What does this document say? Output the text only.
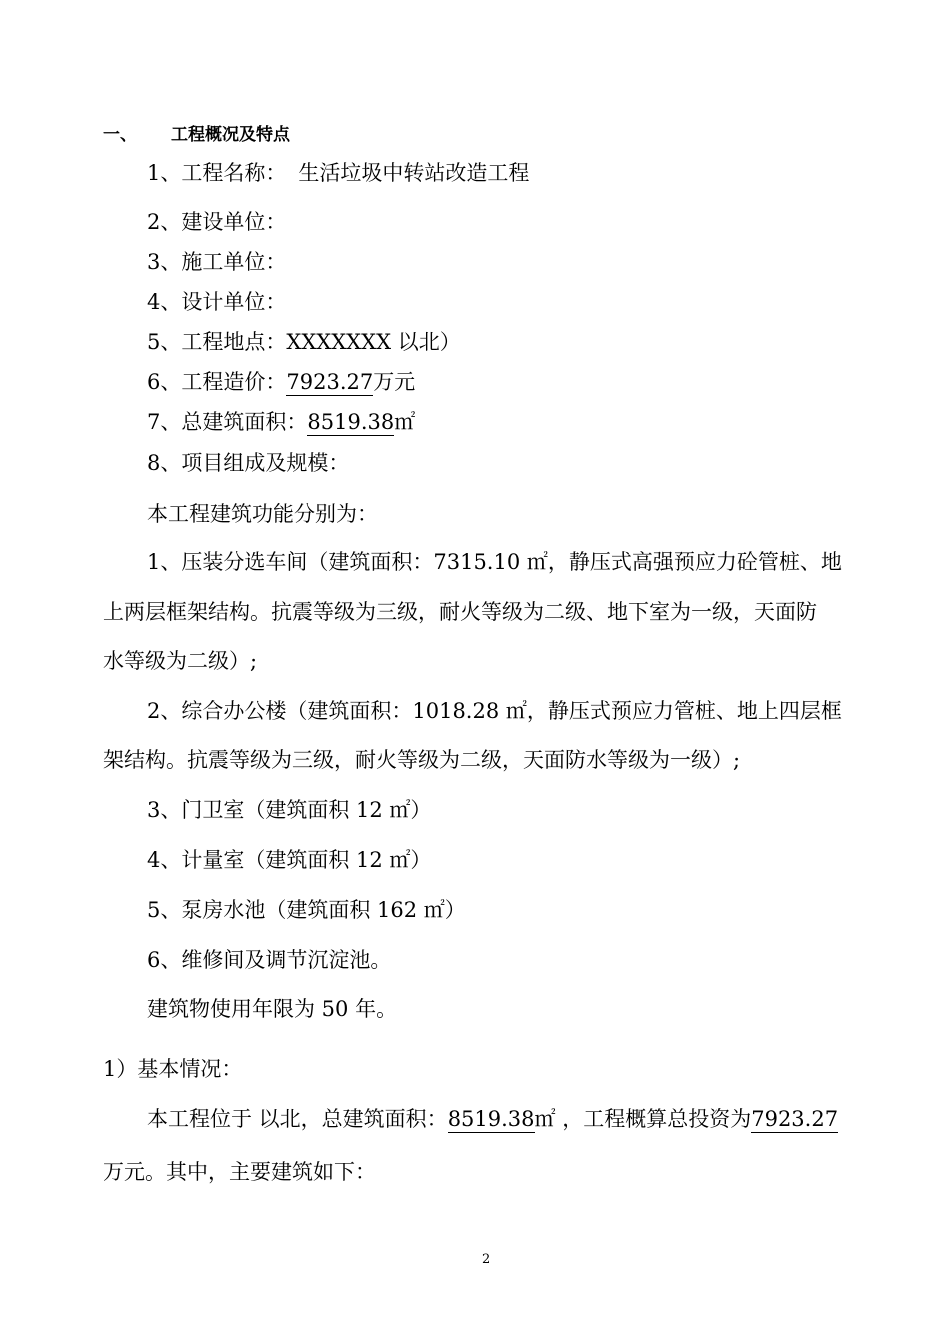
一、 工程概况及特点
1、工程名称： 生活垃圾中转站改造工程
2、建设单位：
3、施工单位：
4、设计单位：
5、工程地点：XXXXXXX 以北）
6、工程造价：7923.27万元
7、总建筑面积：8519.38㎡
8、项目组成及规模：
本工程建筑功能分别为：
1、压装分选车间（建筑面积：7315.10 ㎡，静压式高强预应力砼管桩、地
上两层框架结构。抗震等级为三级，耐火等级为二级、地下室为一级，天面防
水等级为二级）;
2、综合办公楼（建筑面积：1018.28 ㎡，静压式预应力管桩、地上四层框
架结构。抗震等级为三级，耐火等级为二级，天面防水等级为一级）;
3、门卫室（建筑面积 12 ㎡）
4、计量室（建筑面积 12 ㎡）
5、泵房水池（建筑面积 162 ㎡）
6、维修间及调节沉淀池。
建筑物使用年限为 50 年。
1）基本情况：
本工程位于 以北，总建筑面积：8519.38㎡ ，工程概算总投资为7923.27
万元。其中，主要建筑如下：
2
